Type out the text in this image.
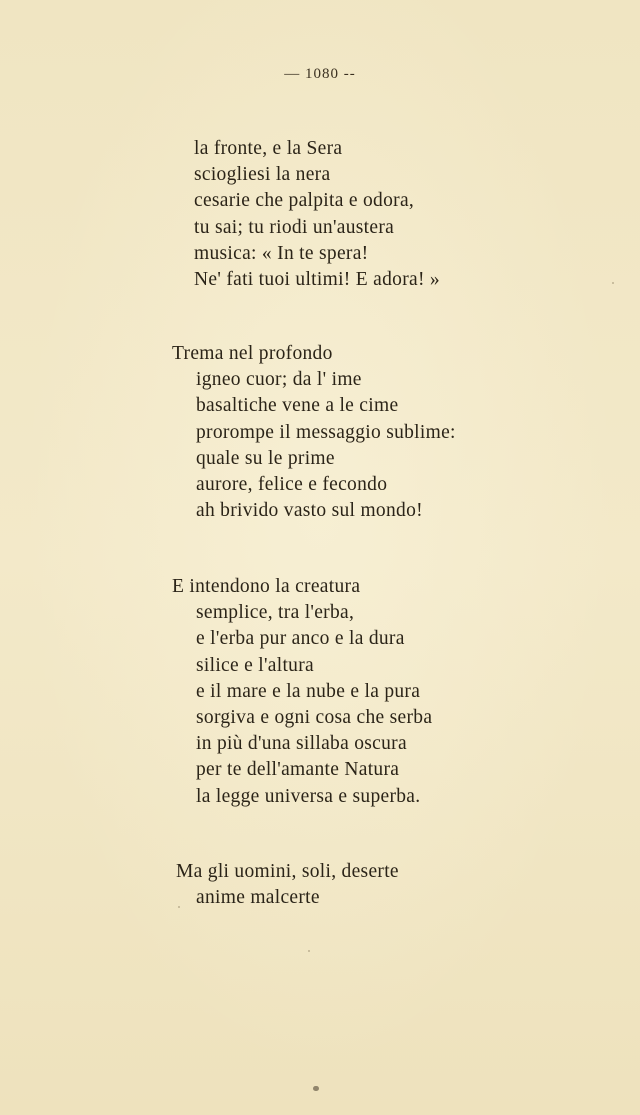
— 1080 --
la fronte, e la Sera
sciogliesi la nera
cesarie che palpita e odora,
tu sai; tu riodi un'austera
musica: « In te spera!
Ne' fati tuoi ultimi! E adora! »
Trema nel profondo
igneo cuor; da l' ime
basaltiche vene a le cime
prorompe il messaggio sublime:
quale su le prime
aurore, felice e fecondo
ah brivido vasto sul mondo!
E intendono la creatura
semplice, tra l'erba,
e l'erba pur anco e la dura
silice e l'altura
e il mare e la nube e la pura
sorgiva e ogni cosa che serba
in più d'una sillaba oscura
per te dell'amante Natura
la legge universa e superba.
Ma gli uomini, soli, deserte
anime malcerte
